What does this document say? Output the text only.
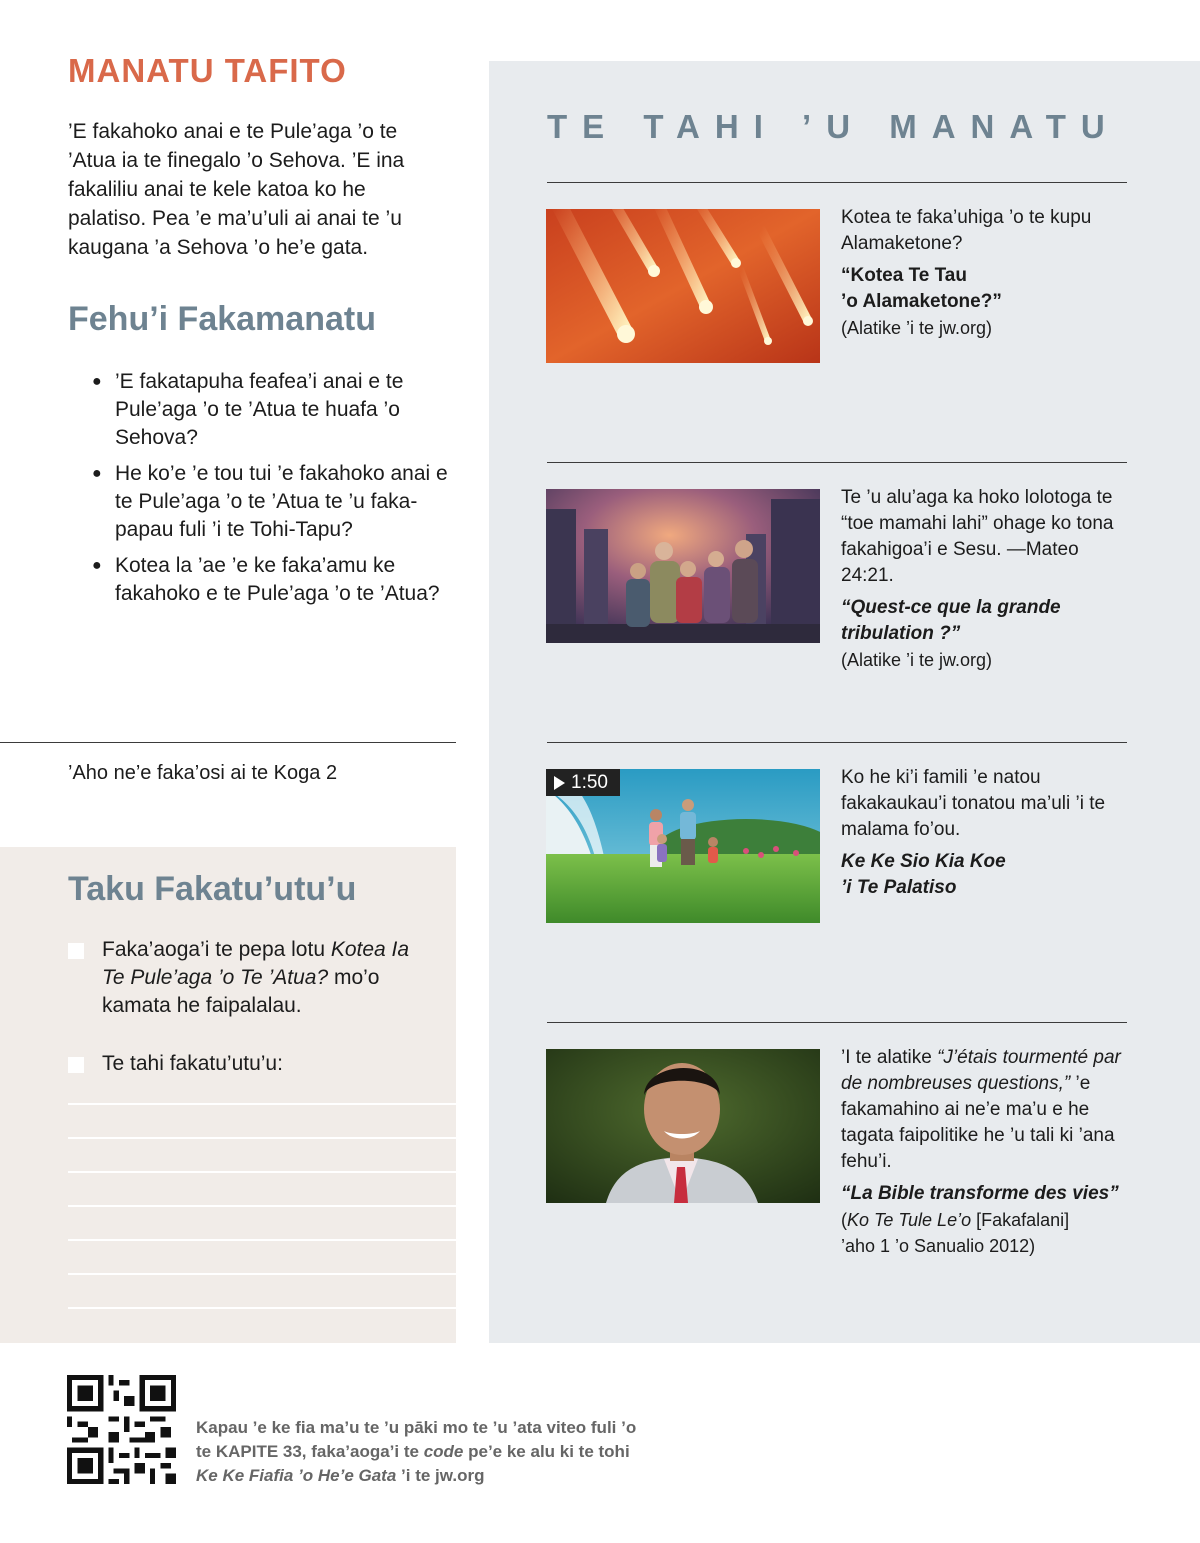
MANATU TAFITO
’E fakahoko anai e te Pule’aga ’o te ’Atua ia te finegalo ’o Sehova. ’E ina fakaliliu anai te kele katoa ko he palatiso. Pea ’e ma’u’uli ai anai te ’u kaugana ’a Sehova ’o he’e gata.
Fehu’i Fakamanatu
● ’E fakatapuha feafea’i anai e te Pule’aga ’o te ’Atua te huafa ’o Sehova?
● He ko’e ’e tou tui ’e fakahoko anai e te Pule’aga ’o te ’Atua te ’u fakapapau fuli ’i te Tohi-Tapu?
● Kotea la ’ae ’e ke faka’amu ke fakahoko e te Pule’aga ’o te ’Atua?
’Aho ne’e faka’osi ai te Koga 2
Taku Fakatu’utu’u
Faka’aoga’i te pepa lotu Kotea Ia Te Pule’aga ’o Te ’Atua? mo’o kamata he faipalalau.
Te tahi fakatu’utu’u:
TE TAHI ’U MANATU
Kotea te faka’uhiga ’o te kupu Alamaketone?
“Kotea Te Tau
’o Alamaketone?”
(Alatike ’i te jw.org)
Te ’u alu’aga ka hoko lolotoga te “toe mamahi lahi” ohage ko tona fakahigoa’i e Sesu. —Mateo 24:21.
“Quest-ce que la grande
tribulation ?”
(Alatike ’i te jw.org)
1:50	Ko he ki’i famili ’e natou fakakaukau’i tonatou ma’uli ’i te malama fo’ou.
Ke Ke Sio Kia Koe
’i Te Palatiso
’I te alatike “J’étais tourmenté par de nombreuses questions,” ’e fakamahino ai ne’e ma’u e he tagata faipolitike he ’u tali ki ’ana fehu’i.
“La Bible transforme des vies”
(Ko Te Tule Le’o [Fakafalani]
’aho 1 ’o Sanualio 2012)
Kapau ’e ke fia ma’u te ’u pāki mo te ’u ’ata viteo fuli ’o te KAPITE 33, faka’aoga’i te code pe’e ke alu ki te tohi Ke Ke Fiafia ’o He’e Gata ’i te jw.org
